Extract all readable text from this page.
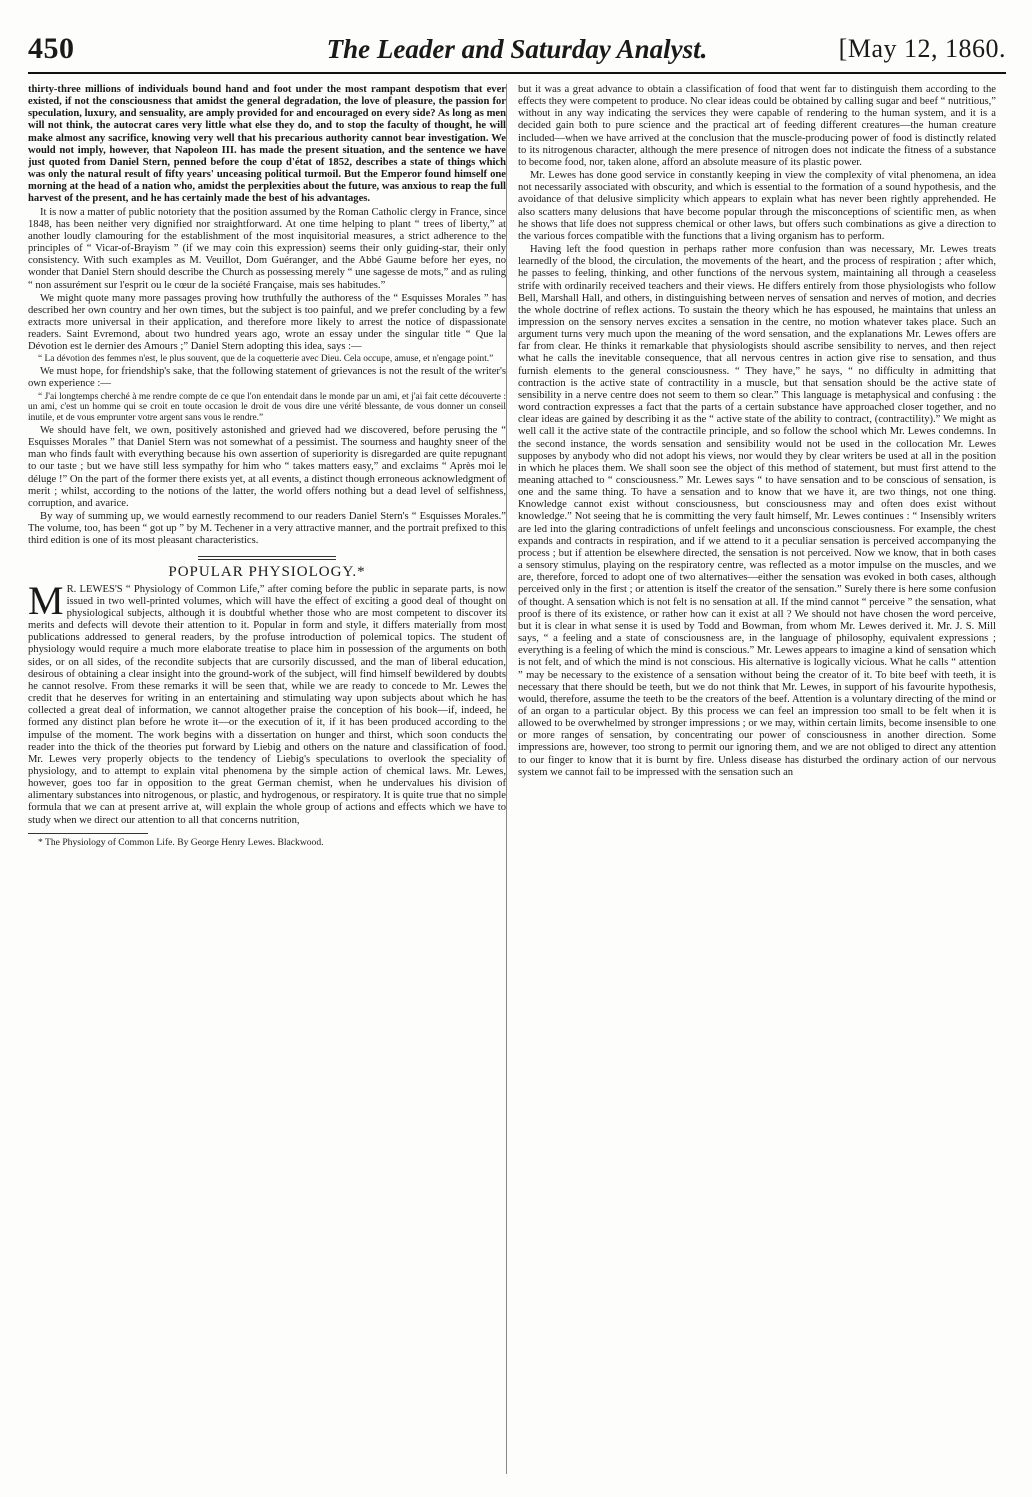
450	The Leader and Saturday Analyst.	[May 12, 1860.

thirty-three millions of individuals bound hand and foot under the most rampant despotism that ever existed, if not the consciousness that amidst the general degradation, the love of pleasure, the passion for speculation, luxury, and sensuality, are amply provided for and encouraged on every side? As long as men will not think, the autocrat cares very little what else they do, and to stop the faculty of thought, he will make almost any sacrifice, knowing very well that his precarious authority cannot bear investigation. We would not imply, however, that Napoleon III. has made the present situation, and the sentence we have just quoted from Daniel Stern, penned before the coup d'état of 1852, describes a state of things which was only the natural result of fifty years' unceasing political turmoil. But the Emperor found himself one morning at the head of a nation who, amidst the perplexities about the future, was anxious to reap the full harvest of the present, and he has certainly made the best of his advantages.

It is now a matter of public notoriety that the position assumed by the Roman Catholic clergy in France, since 1848, has been neither very dignified nor straightforward. At one time helping to plant “ trees of liberty,” at another loudly clamouring for the establishment of the most inquisitorial measures, a strict adherence to the principles of “ Vicar-of-Brayism ” (if we may coin this expression) seems their only guiding-star, their only consistency. With such examples as M. Veuillot, Dom Guéranger, and the Abbé Gaume before her eyes, no wonder that Daniel Stern should describe the Church as possessing merely “ une sagesse de mots,” and as ruling “ non assurément sur l'esprit ou le cœur de la société Française, mais ses habitudes.”

We might quote many more passages proving how truthfully the authoress of the “ Esquisses Morales ” has described her own country and her own times, but the subject is too painful, and we prefer concluding by a few extracts more universal in their application, and therefore more likely to arrest the notice of dispassionate readers. Saint Evremond, about two hundred years ago, wrote an essay under the singular title “ Que la Dévotion est le dernier des Amours ;” Daniel Stern adopting this idea, says :—

“ La dévotion des femmes n'est, le plus souvent, que de la coquetterie avec Dieu. Cela occupe, amuse, et n'engage point.”

We must hope, for friendship's sake, that the following statement of grievances is not the result of the writer's own experience :—

“ J'ai longtemps cherché à me rendre compte de ce que l'on entendait dans le monde par un ami, et j'ai fait cette découverte : un ami, c'est un homme qui se croit en toute occasion le droit de vous dire une vérité blessante, de vous donner un conseil inutile, et de vous emprunter votre argent sans vous le rendre.”

We should have felt, we own, positively astonished and grieved had we discovered, before perusing the “ Esquisses Morales ” that Daniel Stern was not somewhat of a pessimist. The sourness and haughty sneer of the man who finds fault with everything because his own assertion of superiority is disregarded are quite repugnant to our taste ; but we have still less sympathy for him who “ takes matters easy,” and exclaims “ Après moi le déluge !” On the part of the former there exists yet, at all events, a distinct though erroneous acknowledgment of merit ; whilst, according to the notions of the latter, the world offers nothing but a dead level of selfishness, corruption, and avarice.

By way of summing up, we would earnestly recommend to our readers Daniel Stern's “ Esquisses Morales.” The volume, too, has been “ got up ” by M. Techener in a very attractive manner, and the portrait prefixed to this third edition is one of its most pleasant characteristics.

POPULAR PHYSIOLOGY.*

M R. LEWES'S “ Physiology of Common Life,” after coming before the public in separate parts, is now issued in two well-printed volumes, which will have the effect of exciting a good deal of thought on physiological subjects, although it is doubtful whether those who are most competent to discover its merits and defects will devote their attention to it. Popular in form and style, it differs materially from most publications addressed to general readers, by the profuse introduction of polemical topics. The student of physiology would require a much more elaborate treatise to place him in possession of the arguments on both sides, or on all sides, of the recondite subjects that are cursorily discussed, and the man of liberal education, desirous of obtaining a clear insight into the ground-work of the subject, will find himself bewildered by doubts he cannot resolve. From these remarks it will be seen that, while we are ready to concede to Mr. Lewes the credit that he deserves for writing in an entertaining and stimulating way upon subjects about which he has collected a great deal of information, we cannot altogether praise the conception of his book—if, indeed, he formed any distinct plan before he wrote it—or the execution of it, if it has been produced according to the impulse of the moment. The work begins with a dissertation on hunger and thirst, which soon conducts the reader into the thick of the theories put forward by Liebig and others on the nature and classification of food. Mr. Lewes very properly objects to the tendency of Liebig's speculations to overlook the speciality of physiology, and to attempt to explain vital phenomena by the simple action of chemical laws. Mr. Lewes, however, goes too far in opposition to the great German chemist, when he undervalues his division of alimentary substances into nitrogenous, or plastic, and hydrogenous, or respiratory. It is quite true that no simple formula that we can at present arrive at, will explain the whole group of actions and effects which we have to study when we direct our attention to all that concerns nutrition,

* The Physiology of Common Life. By George Henry Lewes. Blackwood.

but it was a great advance to obtain a classification of food that went far to distinguish them according to the effects they were competent to produce. No clear ideas could be obtained by calling sugar and beef “ nutritious,” without in any way indicating the services they were capable of rendering to the human system, and it is a decided gain both to pure science and the practical art of feeding different creatures—the human creature included—when we have arrived at the conclusion that the muscle-producing power of food is distinctly related to its nitrogenous character, although the mere presence of nitrogen does not indicate the fitness of a substance to become food, nor, taken alone, afford an absolute measure of its plastic power.

Mr. Lewes has done good service in constantly keeping in view the complexity of vital phenomena, an idea not necessarily associated with obscurity, and which is essential to the formation of a sound hypothesis, and the avoidance of that delusive simplicity which appears to explain what has never been rightly apprehended. He also scatters many delusions that have become popular through the misconceptions of scientific men, as when he shows that life does not suppress chemical or other laws, but offers such combinations as give a direction to the various forces compatible with the functions that a living organism has to perform.

Having left the food question in perhaps rather more confusion than was necessary, Mr. Lewes treats learnedly of the blood, the circulation, the movements of the heart, and the process of respiration ; after which, he passes to feeling, thinking, and other functions of the nervous system, maintaining all through a ceaseless strife with ordinarily received teachers and their views. He differs entirely from those physiologists who follow Bell, Marshall Hall, and others, in distinguishing between nerves of sensation and nerves of motion, and decries the whole doctrine of reflex actions. To sustain the theory which he has espoused, he maintains that unless an impression on the sensory nerves excites a sensation in the centre, no motion whatever takes place. Such an argument turns very much upon the meaning of the word sensation, and the explanations Mr. Lewes offers are far from clear. He thinks it remarkable that physiologists should ascribe sensibility to nerves, and then reject what he calls the inevitable consequence, that all nervous centres in action give rise to sensation, and thus furnish elements to the general consciousness. “ They have,” he says, “ no difficulty in admitting that contraction is the active state of contractility in a muscle, but that sensation should be the active state of sensibility in a nerve centre does not seem to them so clear.” This language is metaphysical and confusing : the word contraction expresses a fact that the parts of a certain substance have approached closer together, and no clear ideas are gained by describing it as the “ active state of the ability to contract, (contractility).” We might as well call it the active state of the contractile principle, and so follow the school which Mr. Lewes condemns. In the second instance, the words sensation and sensibility would not be used in the collocation Mr. Lewes supposes by anybody who did not adopt his views, nor would they by clear writers be used at all in the position in which he places them. We shall soon see the object of this method of statement, but must first attend to the meaning attached to “ consciousness.” Mr. Lewes says “ to have sensation and to be conscious of sensation, is one and the same thing. To have a sensation and to know that we have it, are two things, not one thing. Knowledge cannot exist without consciousness, but consciousness may and often does exist without knowledge.” Not seeing that he is committing the very fault himself, Mr. Lewes continues : “ Insensibly writers are led into the glaring contradictions of unfelt feelings and unconscious consciousness. For example, the chest expands and contracts in respiration, and if we attend to it a peculiar sensation is perceived accompanying the process ; but if attention be elsewhere directed, the sensation is not perceived. Now we know, that in both cases a sensory stimulus, playing on the respiratory centre, was reflected as a motor impulse on the muscles, and we are, therefore, forced to adopt one of two alternatives—either the sensation was evoked in both cases, although perceived only in the first ; or attention is itself the creator of the sensation.” Surely there is here some confusion of thought. A sensation which is not felt is no sensation at all. If the mind cannot “ perceive ” the sensation, what proof is there of its existence, or rather how can it exist at all ? We should not have chosen the word perceive, but it is clear in what sense it is used by Todd and Bowman, from whom Mr. Lewes derived it. Mr. J. S. Mill says, “ a feeling and a state of consciousness are, in the language of philosophy, equivalent expressions ; everything is a feeling of which the mind is conscious.” Mr. Lewes appears to imagine a kind of sensation which is not felt, and of which the mind is not conscious. His alternative is logically vicious. What he calls “ attention ” may be necessary to the existence of a sensation without being the creator of it. To bite beef with teeth, it is necessary that there should be teeth, but we do not think that Mr. Lewes, in support of his favourite hypothesis, would, therefore, assume the teeth to be the creators of the beef. Attention is a voluntary directing of the mind or of an organ to a particular object. By this process we can feel an impression too small to be felt when it is allowed to be overwhelmed by stronger impressions ; or we may, within certain limits, become insensible to one or more ranges of sensation, by concentrating our power of consciousness in another direction. Some impressions are, however, too strong to permit our ignoring them, and we are not obliged to direct any attention to our finger to know that it is burnt by fire. Unless disease has disturbed the ordinary action of our nervous system we cannot fail to be impressed with the sensation such an
